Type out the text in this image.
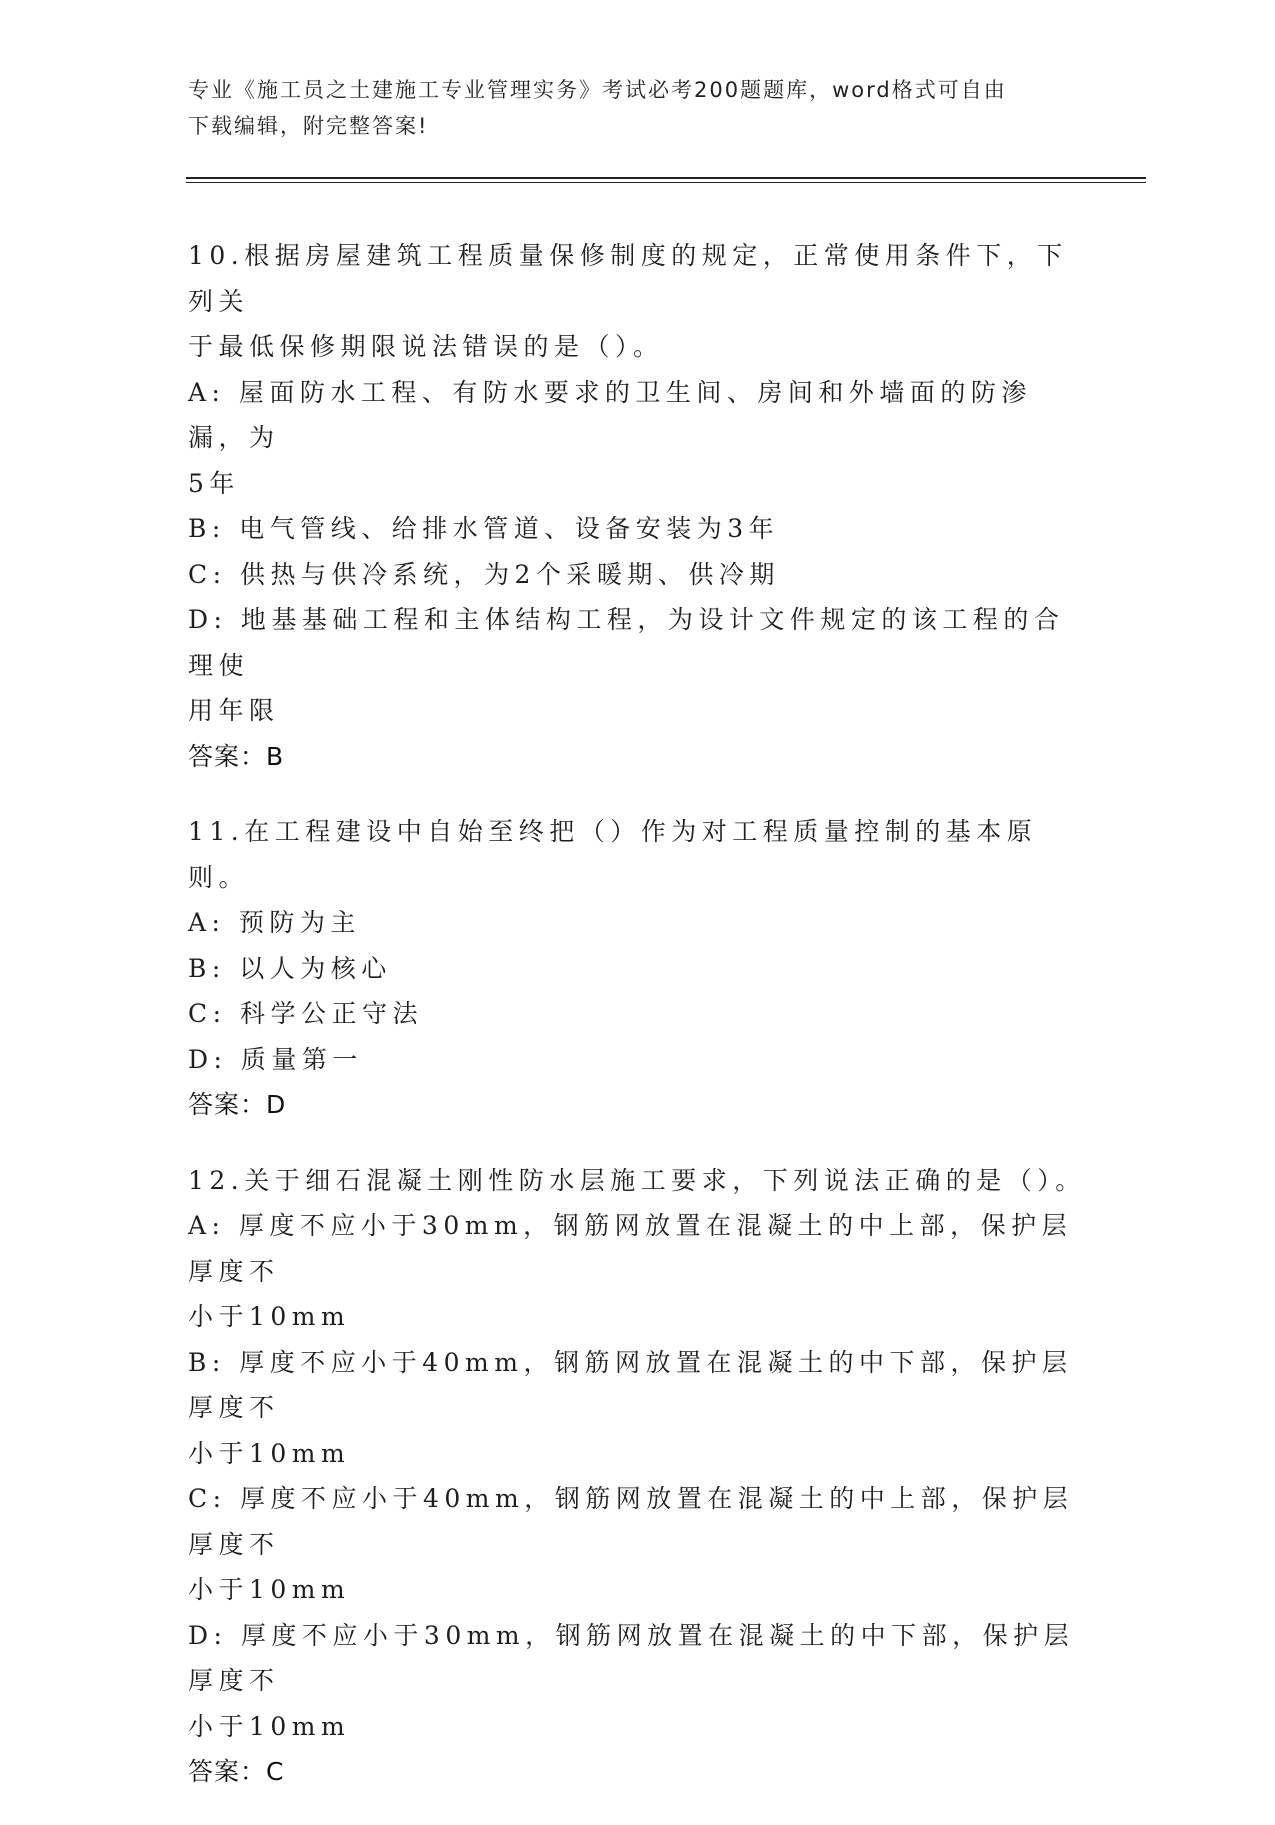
专业《施工员之土建施工专业管理实务》考试必考200题题库，word格式可自由
下载编辑，附完整答案!
10.根据房屋建筑工程质量保修制度的规定，正常使用条件下，下列关
于最低保修期限说法错误的是（）。
A: 屋面防水工程、有防水要求的卫生间、房间和外墙面的防渗漏，为
5年
B: 电气管线、给排水管道、设备安装为3年
C: 供热与供冷系统，为2个采暖期、供冷期
D: 地基基础工程和主体结构工程，为设计文件规定的该工程的合理使
用年限
答案：B
11.在工程建设中自始至终把（）作为对工程质量控制的基本原则。
A: 预防为主
B: 以人为核心
C: 科学公正守法
D: 质量第一
答案：D
12.关于细石混凝土刚性防水层施工要求，下列说法正确的是（）。
A: 厚度不应小于30mm，钢筋网放置在混凝土的中上部，保护层厚度不
小于10mm
B: 厚度不应小于40mm，钢筋网放置在混凝土的中下部，保护层厚度不
小于10mm
C: 厚度不应小于40mm，钢筋网放置在混凝土的中上部，保护层厚度不
小于10mm
D: 厚度不应小于30mm，钢筋网放置在混凝土的中下部，保护层厚度不
小于10mm
答案：C
